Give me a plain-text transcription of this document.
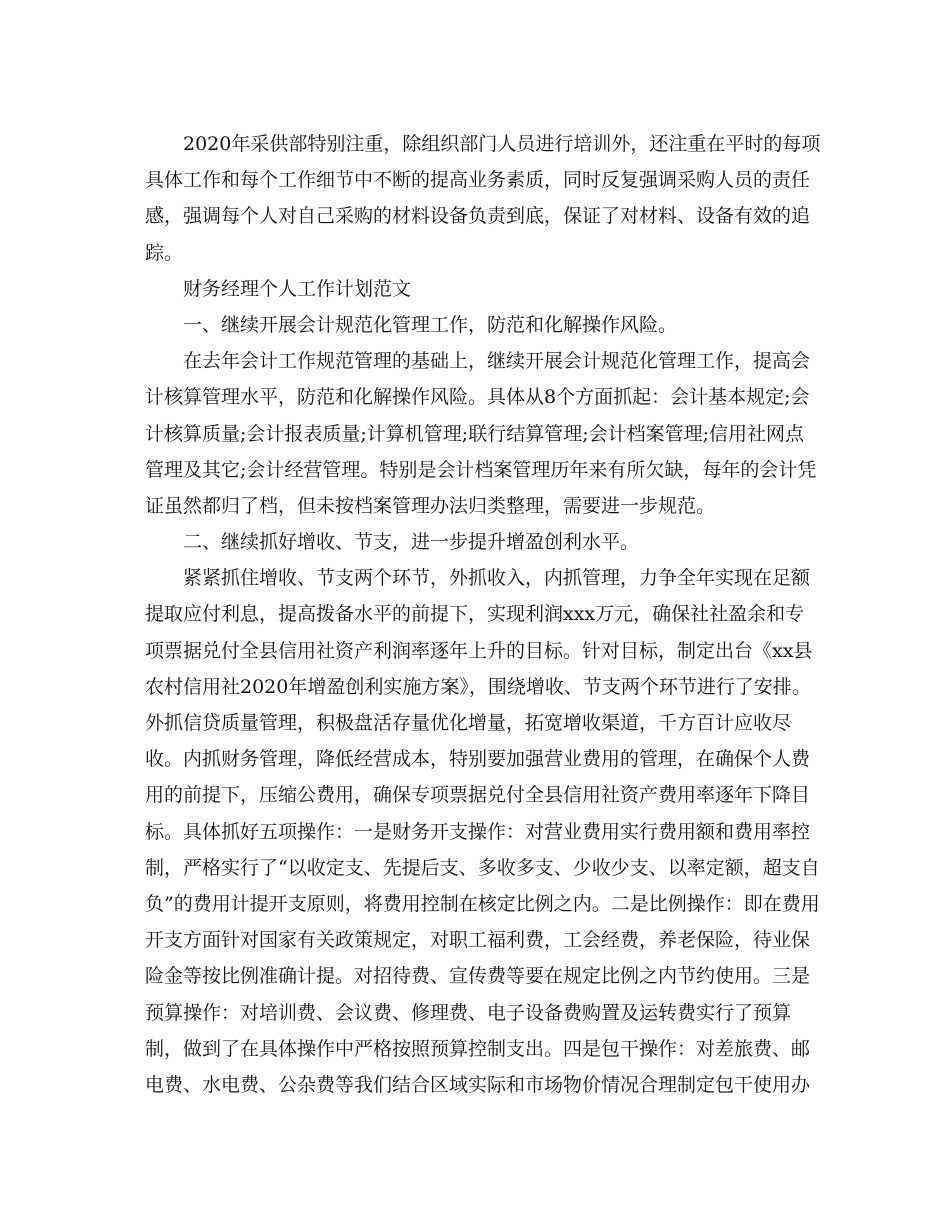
2020年采供部特别注重，除组织部门人员进行培训外，还注重在平时的每项
具体工作和每个工作细节中不断的提高业务素质，同时反复强调采购人员的责任
感，强调每个人对自己采购的材料设备负责到底，保证了对材料、设备有效的追
踪。
财务经理个人工作计划范文
一、继续开展会计规范化管理工作，防范和化解操作风险。
在去年会计工作规范管理的基础上，继续开展会计规范化管理工作，提高会
计核算管理水平，防范和化解操作风险。具体从8个方面抓起：会计基本规定;会
计核算质量;会计报表质量;计算机管理;联行结算管理;会计档案管理;信用社网点
管理及其它;会计经营管理。特别是会计档案管理历年来有所欠缺，每年的会计凭
证虽然都归了档，但未按档案管理办法归类整理，需要进一步规范。
二、继续抓好增收、节支，进一步提升增盈创利水平。
紧紧抓住增收、节支两个环节，外抓收入，内抓管理，力争全年实现在足额
提取应付利息，提高拨备水平的前提下，实现利润xxx万元，确保社社盈余和专
项票据兑付全县信用社资产利润率逐年上升的目标。针对目标，制定出台《xx县
农村信用社2020年增盈创利实施方案》，围绕增收、节支两个环节进行了安排。
外抓信贷质量管理，积极盘活存量优化增量，拓宽增收渠道，千方百计应收尽
收。内抓财务管理，降低经营成本，特别要加强营业费用的管理，在确保个人费
用的前提下，压缩公费用，确保专项票据兑付全县信用社资产费用率逐年下降目
标。具体抓好五项操作：一是财务开支操作：对营业费用实行费用额和费用率控
制，严格实行了“以收定支、先提后支、多收多支、少收少支、以率定额，超支自
负”的费用计提开支原则，将费用控制在核定比例之内。二是比例操作：即在费用
开支方面针对国家有关政策规定，对职工福利费，工会经费，养老保险，待业保
险金等按比例准确计提。对招待费、宣传费等要在规定比例之内节约使用。三是
预算操作：对培训费、会议费、修理费、电子设备费购置及运转费实行了预算
制，做到了在具体操作中严格按照预算控制支出。四是包干操作：对差旅费、邮
电费、水电费、公杂费等我们结合区域实际和市场物价情况合理制定包干使用办
